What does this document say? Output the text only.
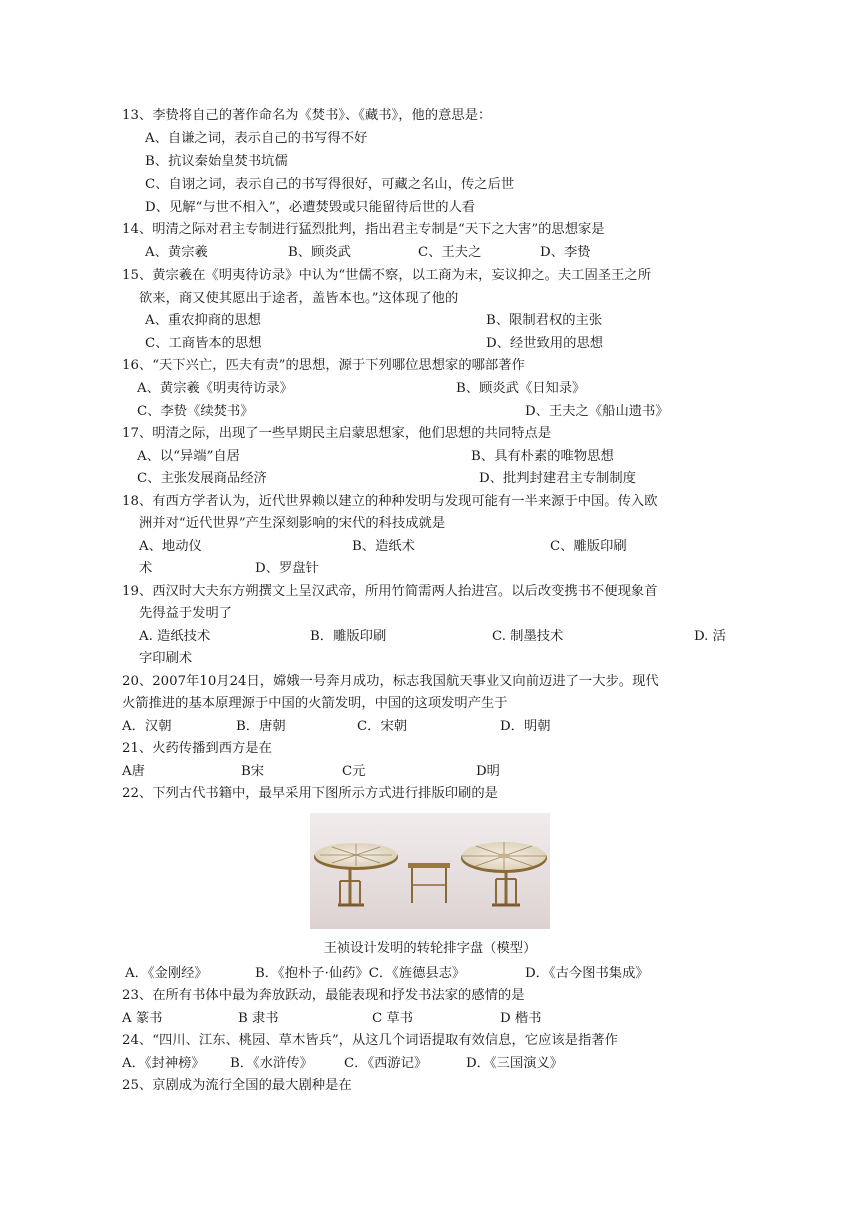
13、李贽将自己的著作命名为《焚书》、《藏书》，他的意思是：
A、自谦之词，表示自己的书写得不好
B、抗议秦始皇焚书坑儒
C、自诩之词，表示自己的书写得很好，可藏之名山，传之后世
D、见解“与世不相入”，必遭焚毁或只能留待后世的人看
14、明清之际对君主专制进行猛烈批判，指出君主专制是“天下之大害”的思想家是
A、黄宗羲	B、顾炎武	C、王夫之	D、李贽
15、黄宗羲在《明夷待访录》中认为“世儒不察，以工商为末，妄议抑之。夫工固圣王之所
欲来，商又使其愿出于途者，盖皆本也。”这体现了他的
A、重农抑商的思想	B、限制君权的主张
C、工商皆本的思想	D、经世致用的思想
16、“天下兴亡，匹夫有责”的思想，源于下列哪位思想家的哪部著作
A、黄宗羲《明夷待访录》	B、顾炎武《日知录》
C、李贽《续焚书》	D、王夫之《船山遗书》
17、明清之际，出现了一些早期民主启蒙思想家，他们思想的共同特点是
A、以“异端”自居	B、具有朴素的唯物思想
C、主张发展商品经济	D、批判封建君主专制制度
18、有西方学者认为，近代世界赖以建立的种种发明与发现可能有一半来源于中国。传入欧
洲并对“近代世界”产生深刻影响的宋代的科技成就是
A、地动仪	B、造纸术	C、雕版印刷
术	D、罗盘针
19、西汉时大夫东方朔撰文上呈汉武帝，所用竹简需两人抬进宫。以后改变携书不便现象首
先得益于发明了
A. 造纸技术	B．雕版印刷	C. 制墨技术	D. 活
字印刷术
20、2007年10月24日，嫦娥一号奔月成功，标志我国航天事业又向前迈进了一大步。现代
火箭推进的基本原理源于中国的火箭发明，中国的这项发明产生于
A．汉朝	B．唐朝	C．宋朝	D．明朝
21、火药传播到西方是在
A唐	B宋	C元	D明
22、下列古代书籍中，最早采用下图所示方式进行排版印刷的是
王祯设计发明的转轮排字盘（模型）
A．《金刚经》	B．《抱朴子·仙药》C．《旌德县志》	D．《古今图书集成》
23、在所有书体中最为奔放跃动，最能表现和抒发书法家的感情的是
A 篆书	B 隶书	C 草书	D 楷书
24、“四川、江东、桃园、草木皆兵”，从这几个词语提取有效信息，它应该是指著作
A．《封神榜》 B．《水浒传》 C．《西游记》	D．《三国演义》
25、京剧成为流行全国的最大剧种是在
